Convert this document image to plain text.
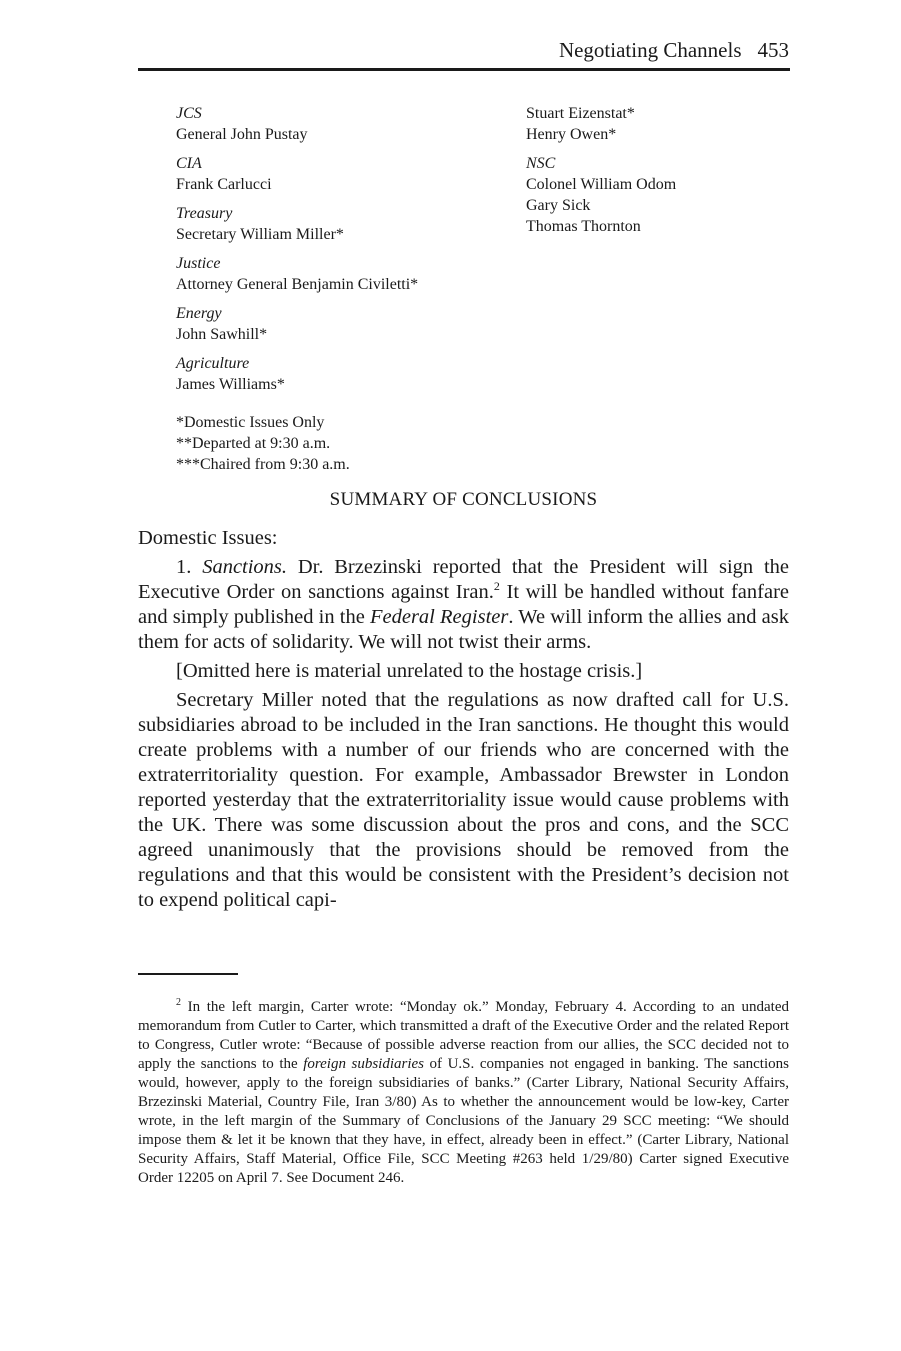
Negotiating Channels 453
JCS
General John Pustay
CIA
Frank Carlucci
Treasury
Secretary William Miller*
Justice
Attorney General Benjamin Civiletti*
Energy
John Sawhill*
Agriculture
James Williams*
Stuart Eizenstat*
Henry Owen*
NSC
Colonel William Odom
Gary Sick
Thomas Thornton
*Domestic Issues Only
**Departed at 9:30 a.m.
***Chaired from 9:30 a.m.
SUMMARY OF CONCLUSIONS

Domestic Issues:

1. Sanctions. Dr. Brzezinski reported that the President will sign the Executive Order on sanctions against Iran.$^2$ It will be handled without fanfare and simply published in the Federal Register. We will inform the allies and ask them for acts of solidarity. We will not twist their arms.

[Omitted here is material unrelated to the hostage crisis.]

Secretary Miller noted that the regulations as now drafted call for U.S. subsidiaries abroad to be included in the Iran sanctions. He thought this would create problems with a number of our friends who are concerned with the extraterritoriality question. For example, Ambassador Brewster in London reported yesterday that the extraterritoriality issue would cause problems with the UK. There was some discussion about the pros and cons, and the SCC agreed unanimously that the provisions should be removed from the regulations and that this would be consistent with the President’s decision not to expend political capi-

$^2$ In the left margin, Carter wrote: “Monday ok.” Monday, February 4. According to an undated memorandum from Cutler to Carter, which transmitted a draft of the Executive Order and the related Report to Congress, Cutler wrote: “Because of possible adverse reaction from our allies, the SCC decided not to apply the sanctions to the foreign subsidiaries of U.S. companies not engaged in banking. The sanctions would, however, apply to the foreign subsidiaries of banks.” (Carter Library, National Security Affairs, Brzezinski Material, Country File, Iran 3/80) As to whether the announcement would be low-key, Carter wrote, in the left margin of the Summary of Conclusions of the January 29 SCC meeting: “We should impose them & let it be known that they have, in effect, already been in effect.” (Carter Library, National Security Affairs, Staff Material, Office File, SCC Meeting #263 held 1/29/80) Carter signed Executive Order 12205 on April 7. See Document 246.
